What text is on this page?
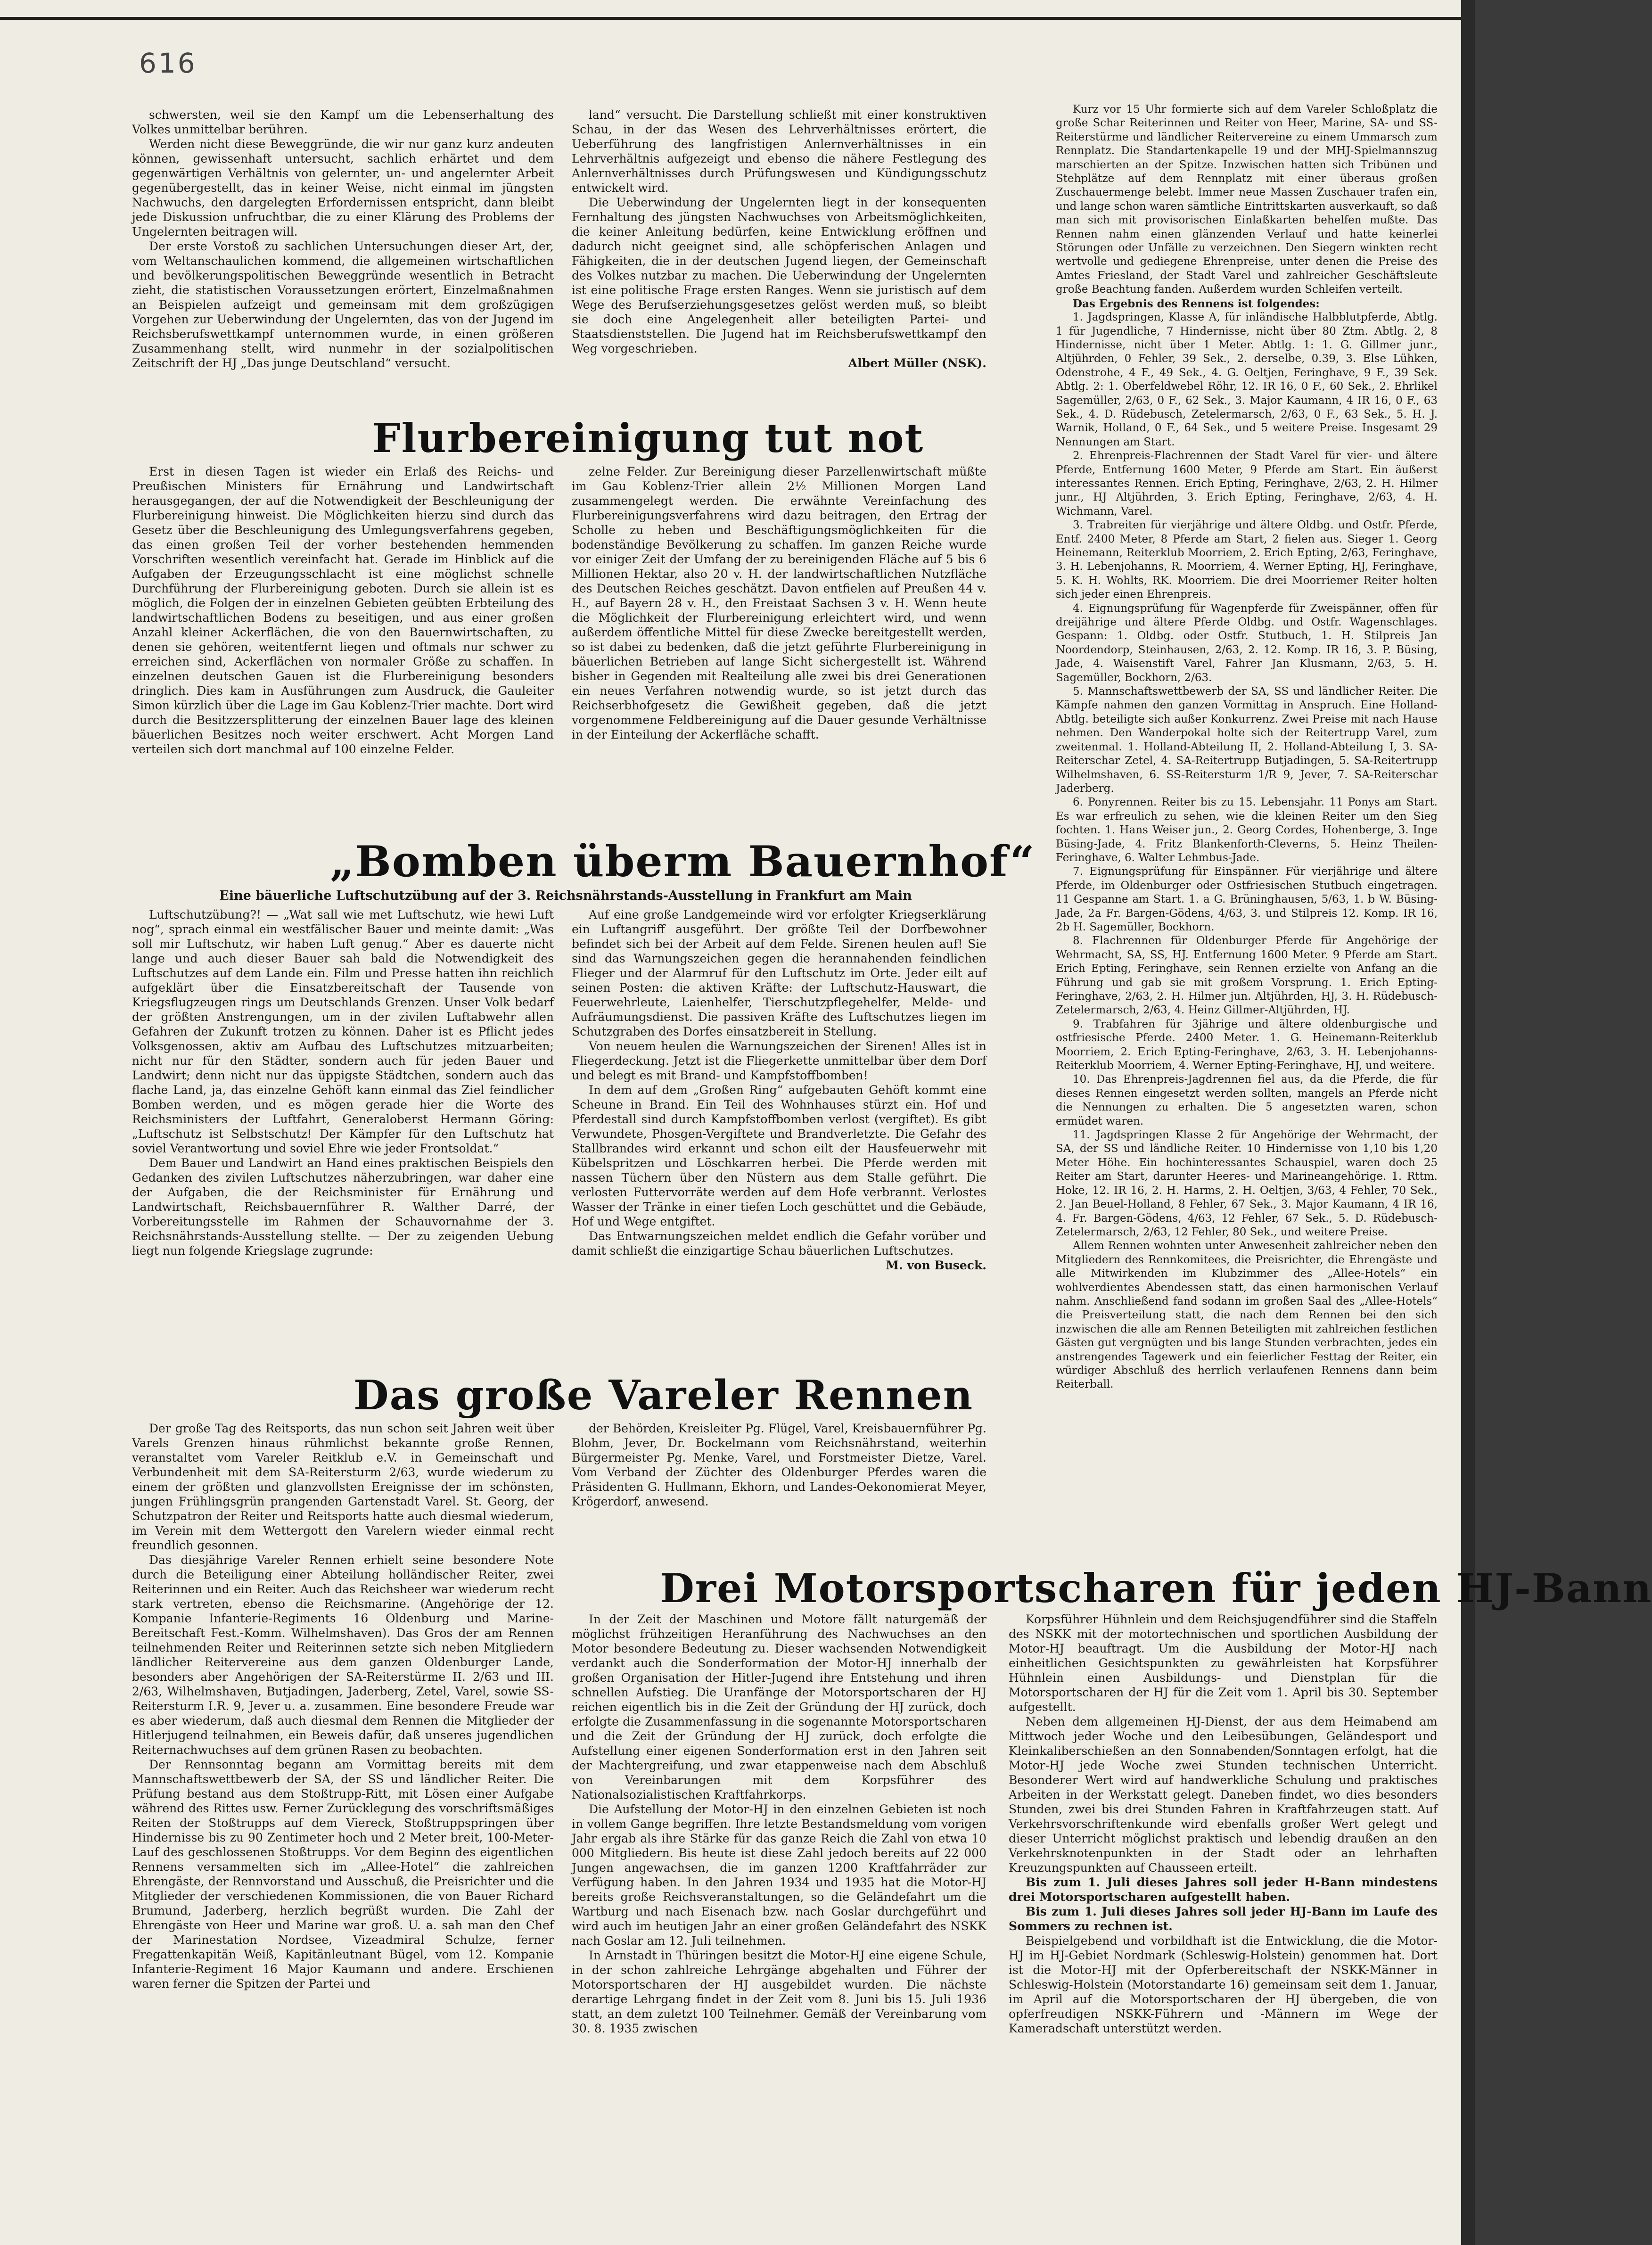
616

schwersten, weil sie den Kampf um die Lebenserhaltung des Volkes unmittelbar berühren.

Werden nicht diese Beweggründe, die wir nur ganz kurz andeuten können, gewissenhaft untersucht, sachlich erhärtet und dem gegenwärtigen Verhältnis von gelernter, un- und angelernter Arbeit gegenübergestellt, das in keiner Weise, nicht einmal im jüngsten Nachwuchs, den dargelegten Erfordernissen entspricht, dann bleibt jede Diskussion unfruchtbar, die zu einer Klärung des Problems der Ungelernten beitragen will.

Der erste Vorstoß zu sachlichen Untersuchungen dieser Art, der, vom Weltanschaulichen kommend, die allgemeinen wirtschaftlichen und bevölkerungspolitischen Beweggründe wesentlich in Betracht zieht, die statistischen Voraussetzungen erörtert, Einzelmaßnahmen an Beispielen aufzeigt und gemeinsam mit dem großzügigen Vorgehen zur Ueberwindung der Ungelernten, das von der Jugend im Reichsberufswettkampf unternommen wurde, in einen größeren Zusammenhang stellt, wird nunmehr in der sozialpolitischen Zeitschrift der HJ „Das junge Deutschland“ versucht.

land“ versucht. Die Darstellung schließt mit einer konstruktiven Schau, in der das Wesen des Lehrverhältnisses erörtert, die Ueberführung des langfristigen Anlernverhältnisses in ein Lehrverhältnis aufgezeigt und ebenso die nähere Festlegung des Anlernverhältnisses durch Prüfungswesen und Kündigungsschutz entwickelt wird.

Die Ueberwindung der Ungelernten liegt in der konsequenten Fernhaltung des jüngsten Nachwuchses von Arbeitsmöglichkeiten, die keiner Anleitung bedürfen, keine Entwicklung eröffnen und dadurch nicht geeignet sind, alle schöpferischen Anlagen und Fähigkeiten, die in der deutschen Jugend liegen, der Gemeinschaft des Volkes nutzbar zu machen. Die Ueberwindung der Ungelernten ist eine politische Frage ersten Ranges. Wenn sie juristisch auf dem Wege des Berufserziehungsgesetzes gelöst werden muß, so bleibt sie doch eine Angelegenheit aller beteiligten Partei- und Staatsdienststellen. Die Jugend hat im Reichsberufswettkampf den Weg vorgeschrieben.

Albert Müller (NSK).

Kurz vor 15 Uhr formierte sich auf dem Vareler Schloßplatz die große Schar Reiterinnen und Reiter von Heer, Marine, SA- und SS-Reiterstürme und ländlicher Reitervereine zu einem Ummarsch zum Rennplatz. Die Standartenkapelle 19 und der MHJ-Spielmannszug marschierten an der Spitze. Inzwischen hatten sich Tribünen und Stehplätze auf dem Rennplatz mit einer überaus großen Zuschauermenge belebt. Immer neue Massen Zuschauer trafen ein, und lange schon waren sämtliche Eintrittskarten ausverkauft, so daß man sich mit provisorischen Einlaßkarten behelfen mußte. Das Rennen nahm einen glänzenden Verlauf und hatte keinerlei Störungen oder Unfälle zu verzeichnen. Den Siegern winkten recht wertvolle und gediegene Ehrenpreise, unter denen die Preise des Amtes Friesland, der Stadt Varel und zahlreicher Geschäftsleute große Beachtung fanden. Außerdem wurden Schleifen verteilt.

Das Ergebnis des Rennens ist folgendes:

1. Jagdspringen, Klasse A, für inländische Halbblutpferde, Abtlg. 1 für Jugendliche, 7 Hindernisse, nicht über 80 Ztm. Abtlg. 2, 8 Hindernisse, nicht über 1 Meter. Abtlg. 1: 1. G. Gillmer junr., Altjührden, 0 Fehler, 39 Sek., 2. derselbe, 0.39, 3. Else Lühken, Odenstrohe, 4 F., 49 Sek., 4. G. Oeltjen, Feringhave, 9 F., 39 Sek. Abtlg. 2: 1. Oberfeldwebel Röhr, 12. IR 16, 0 F., 60 Sek., 2. Ehrlikel Sagemüller, 2/63, 0 F., 62 Sek., 3. Major Kaumann, 4 IR 16, 0 F., 63 Sek., 4. D. Rüdebusch, Zetelermarsch, 2/63, 0 F., 63 Sek., 5. H. J. Warnik, Holland, 0 F., 64 Sek., und 5 weitere Preise. Insgesamt 29 Nennungen am Start.

2. Ehrenpreis-Flachrennen der Stadt Varel für vier- und ältere Pferde, Entfernung 1600 Meter, 9 Pferde am Start. Ein äußerst interessantes Rennen. Erich Epting, Feringhave, 2/63, 2. H. Hilmer junr., HJ Altjührden, 3. Erich Epting, Feringhave, 2/63, 4. H. Wichmann, Varel.

3. Trabreiten für vierjährige und ältere Oldbg. und Ostfr. Pferde, Entf. 2400 Meter, 8 Pferde am Start, 2 fielen aus. Sieger 1. Georg Heinemann, Reiterklub Moorriem, 2. Erich Epting, 2/63, Feringhave, 3. H. Lebenjohanns, R. Moorriem, 4. Werner Epting, HJ, Feringhave, 5. K. H. Wohlts, RK. Moorriem. Die drei Moorriemer Reiter holten sich jeder einen Ehrenpreis.

4. Eignungsprüfung für Wagenpferde für Zweispänner, offen für dreijährige und ältere Pferde Oldbg. und Ostfr. Wagenschlages. Gespann: 1. Oldbg. oder Ostfr. Stutbuch, 1. H. Stilpreis Jan Noordendorp, Steinhausen, 2/63, 2. 12. Komp. IR 16, 3. P. Büsing, Jade, 4. Waisenstift Varel, Fahrer Jan Klusmann, 2/63, 5. H. Sagemüller, Bockhorn, 2/63.

5. Mannschaftswettbewerb der SA, SS und ländlicher Reiter. Die Kämpfe nahmen den ganzen Vormittag in Anspruch. Eine Holland-Abtlg. beteiligte sich außer Konkurrenz. Zwei Preise mit nach Hause nehmen. Den Wanderpokal holte sich der Reitertrupp Varel, zum zweitenmal. 1. Holland-Abteilung II, 2. Holland-Abteilung I, 3. SA-Reiterschar Zetel, 4. SA-Reitertrupp Butjadingen, 5. SA-Reitertrupp Wilhelmshaven, 6. SS-Reitersturm 1/R 9, Jever, 7. SA-Reiterschar Jaderberg.

6. Ponyrennen. Reiter bis zu 15. Lebensjahr. 11 Ponys am Start. Es war erfreulich zu sehen, wie die kleinen Reiter um den Sieg fochten. 1. Hans Weiser jun., 2. Georg Cordes, Hohenberge, 3. Inge Büsing-Jade, 4. Fritz Blankenforth-Cleverns, 5. Heinz Theilen-Feringhave, 6. Walter Lehmbus-Jade.

7. Eignungsprüfung für Einspänner. Für vierjährige und ältere Pferde, im Oldenburger oder Ostfriesischen Stutbuch eingetragen. 11 Gespanne am Start. 1. a G. Brüninghausen, 5/63, 1. b W. Büsing-Jade, 2a Fr. Bargen-Gödens, 4/63, 3. und Stilpreis 12. Komp. IR 16, 2b H. Sagemüller, Bockhorn.

8. Flachrennen für Oldenburger Pferde für Angehörige der Wehrmacht, SA, SS, HJ. Entfernung 1600 Meter. 9 Pferde am Start. Erich Epting, Feringhave, sein Rennen erzielte von Anfang an die Führung und gab sie mit großem Vorsprung. 1. Erich Epting-Feringhave, 2/63, 2. H. Hilmer jun. Altjührden, HJ, 3. H. Rüdebusch-Zetelermarsch, 2/63, 4. Heinz Gillmer-Altjührden, HJ.

9. Trabfahren für 3jährige und ältere oldenburgische und ostfriesische Pferde. 2400 Meter. 1. G. Heinemann-Reiterklub Moorriem, 2. Erich Epting-Feringhave, 2/63, 3. H. Lebenjohanns-Reiterklub Moorriem, 4. Werner Epting-Feringhave, HJ, und weitere.

10. Das Ehrenpreis-Jagdrennen fiel aus, da die Pferde, die für dieses Rennen eingesetzt werden sollten, mangels an Pferde nicht die Nennungen zu erhalten. Die 5 angesetzten waren, schon ermüdet waren.

11. Jagdspringen Klasse 2 für Angehörige der Wehrmacht, der SA, der SS und ländliche Reiter. 10 Hindernisse von 1,10 bis 1,20 Meter Höhe. Ein hochinteressantes Schauspiel, waren doch 25 Reiter am Start, darunter Heeres- und Marineangehörige. 1. Rttm. Hoke, 12. IR 16, 2. H. Harms, 2. H. Oeltjen, 3/63, 4 Fehler, 70 Sek., 2. Jan Beuel-Holland, 8 Fehler, 67 Sek., 3. Major Kaumann, 4 IR 16, 4. Fr. Bargen-Gödens, 4/63, 12 Fehler, 67 Sek., 5. D. Rüdebusch-Zetelermarsch, 2/63, 12 Fehler, 80 Sek., und weitere Preise.

Allem Rennen wohnten unter Anwesenheit zahlreicher neben den Mitgliedern des Rennkomitees, die Preisrichter, die Ehrengäste und alle Mitwirkenden im Klubzimmer des „Allee-Hotels“ ein wohlverdientes Abendessen statt, das einen harmonischen Verlauf nahm. Anschließend fand sodann im großen Saal des „Allee-Hotels“ die Preisverteilung statt, die nach dem Rennen bei den sich inzwischen die alle am Rennen Beteiligten mit zahlreichen festlichen Gästen gut vergnügten und bis lange Stunden verbrachten, jedes ein anstrengendes Tagewerk und ein feierlicher Festtag der Reiter, ein würdiger Abschluß des herrlich verlaufenen Rennens dann beim Reiterball.

Flurbereinigung tut not

Erst in diesen Tagen ist wieder ein Erlaß des Reichs- und Preußischen Ministers für Ernährung und Landwirtschaft herausgegangen, der auf die Notwendigkeit der Beschleunigung der Flurbereinigung hinweist. Die Möglichkeiten hierzu sind durch das Gesetz über die Beschleunigung des Umlegungsverfahrens gegeben, das einen großen Teil der vorher bestehenden hemmenden Vorschriften wesentlich vereinfacht hat. Gerade im Hinblick auf die Aufgaben der Erzeugungsschlacht ist eine möglichst schnelle Durchführung der Flurbereinigung geboten. Durch sie allein ist es möglich, die Folgen der in einzelnen Gebieten geübten Erbteilung des landwirtschaftlichen Bodens zu beseitigen, und aus einer großen Anzahl kleiner Ackerflächen, die von den Bauernwirtschaften, zu denen sie gehören, weitentfernt liegen und oftmals nur schwer zu erreichen sind, Ackerflächen von normaler Größe zu schaffen. In einzelnen deutschen Gauen ist die Flurbereinigung besonders dringlich. Dies kam in Ausführungen zum Ausdruck, die Gauleiter Simon kürzlich über die Lage im Gau Koblenz-Trier machte. Dort wird durch die Besitzzersplitterung der einzelnen Bauer lage des kleinen bäuerlichen Besitzes noch weiter erschwert. Acht Morgen Land verteilen sich dort manchmal auf 100 einzelne Felder.

zelne Felder. Zur Bereinigung dieser Parzellenwirtschaft müßte im Gau Koblenz-Trier allein 2½ Millionen Morgen Land zusammengelegt werden. Die erwähnte Vereinfachung des Flurbereinigungsverfahrens wird dazu beitragen, den Ertrag der Scholle zu heben und Beschäftigungsmöglichkeiten für die bodenständige Bevölkerung zu schaffen. Im ganzen Reiche wurde vor einiger Zeit der Umfang der zu bereinigenden Fläche auf 5 bis 6 Millionen Hektar, also 20 v. H. der landwirtschaftlichen Nutzfläche des Deutschen Reiches geschätzt. Davon entfielen auf Preußen 44 v. H., auf Bayern 28 v. H., den Freistaat Sachsen 3 v. H. Wenn heute die Möglichkeit der Flurbereinigung erleichtert wird, und wenn außerdem öffentliche Mittel für diese Zwecke bereitgestellt werden, so ist dabei zu bedenken, daß die jetzt geführte Flurbereinigung in bäuerlichen Betrieben auf lange Sicht sichergestellt ist. Während bisher in Gegenden mit Realteilung alle zwei bis drei Generationen ein neues Verfahren notwendig wurde, so ist jetzt durch das Reichserbhofgesetz die Gewißheit gegeben, daß die jetzt vorgenommene Feldbereinigung auf die Dauer gesunde Verhältnisse in der Einteilung der Ackerfläche schafft.

„Bomben überm Bauernhof“
Eine bäuerliche Luftschutzübung auf der 3. Reichsnährstands-Ausstellung in Frankfurt am Main

Luftschutzübung?! — „Wat sall wie met Luftschutz, wie hewi Luft nog“, sprach einmal ein westfälischer Bauer und meinte damit: „Was soll mir Luftschutz, wir haben Luft genug.“ Aber es dauerte nicht lange und auch dieser Bauer sah bald die Notwendigkeit des Luftschutzes auf dem Lande ein. Film und Presse hatten ihn reichlich aufgeklärt über die Einsatzbereitschaft der Tausende von Kriegsflugzeugen rings um Deutschlands Grenzen. Unser Volk bedarf der größten Anstrengungen, um in der zivilen Luftabwehr allen Gefahren der Zukunft trotzen zu können. Daher ist es Pflicht jedes Volksgenossen, aktiv am Aufbau des Luftschutzes mitzuarbeiten; nicht nur für den Städter, sondern auch für jeden Bauer und Landwirt; denn nicht nur das üppigste Städtchen, sondern auch das flache Land, ja, das einzelne Gehöft kann einmal das Ziel feindlicher Bomben werden, und es mögen gerade hier die Worte des Reichsministers der Luftfahrt, Generaloberst Hermann Göring: „Luftschutz ist Selbstschutz! Der Kämpfer für den Luftschutz hat soviel Verantwortung und soviel Ehre wie jeder Frontsoldat.“

Dem Bauer und Landwirt an Hand eines praktischen Beispiels den Gedanken des zivilen Luftschutzes näherzubringen, war daher eine der Aufgaben, die der Reichsminister für Ernährung und Landwirtschaft, Reichsbauernführer R. Walther Darré, der Vorbereitungsstelle im Rahmen der Schauvornahme der 3. Reichsnährstands-Ausstellung stellte. — Der zu zeigenden Uebung liegt nun folgende Kriegslage zugrunde:

Auf eine große Landgemeinde wird vor erfolgter Kriegserklärung ein Luftangriff ausgeführt. Der größte Teil der Dorfbewohner befindet sich bei der Arbeit auf dem Felde. Sirenen heulen auf! Sie sind das Warnungszeichen gegen die herannahenden feindlichen Flieger und der Alarmruf für den Luftschutz im Orte. Jeder eilt auf seinen Posten: die aktiven Kräfte: der Luftschutz-Hauswart, die Feuerwehrleute, Laienhelfer, Tierschutzpflegehelfer, Melde- und Aufräumungsdienst. Die passiven Kräfte des Luftschutzes liegen im Schutzgraben des Dorfes einsatzbereit in Stellung.

Von neuem heulen die Warnungszeichen der Sirenen! Alles ist in Fliegerdeckung. Jetzt ist die Fliegerkette unmittelbar über dem Dorf und belegt es mit Brand- und Kampfstoffbomben!

In dem auf dem „Großen Ring“ aufgebauten Gehöft kommt eine Scheune in Brand. Ein Teil des Wohnhauses stürzt ein. Hof und Pferdestall sind durch Kampfstoffbomben verlost (vergiftet). Es gibt Verwundete, Phosgen-Vergiftete und Brandverletzte. Die Gefahr des Stallbrandes wird erkannt und schon eilt der Hausfeuerwehr mit Kübelspritzen und Löschkarren herbei. Die Pferde werden mit nassen Tüchern über den Nüstern aus dem Stalle geführt. Die verlosten Futtervorräte werden auf dem Hofe verbrannt. Verlostes Wasser der Tränke in einer tiefen Loch geschüttet und die Gebäude, Hof und Wege entgiftet.

Das Entwarnungszeichen meldet endlich die Gefahr vorüber und damit schließt die einzigartige Schau bäuerlichen Luftschutzes.

M. von Buseck.

Das große Vareler Rennen

Der große Tag des Reitsports, das nun schon seit Jahren weit über Varels Grenzen hinaus rühmlichst bekannte große Rennen, veranstaltet vom Vareler Reitklub e.V. in Gemeinschaft und Verbundenheit mit dem SA-Reitersturm 2/63, wurde wiederum zu einem der größten und glanzvollsten Ereignisse der im schönsten, jungen Frühlingsgrün prangenden Gartenstadt Varel. St. Georg, der Schutzpatron der Reiter und Reitsports hatte auch diesmal wiederum, im Verein mit dem Wettergott den Varelern wieder einmal recht freundlich gesonnen.

Das diesjährige Vareler Rennen erhielt seine besondere Note durch die Beteiligung einer Abteilung holländischer Reiter, zwei Reiterinnen und ein Reiter. Auch das Reichsheer war wiederum recht stark vertreten, ebenso die Reichsmarine. (Angehörige der 12. Kompanie Infanterie-Regiments 16 Oldenburg und Marine-Bereitschaft Fest.-Komm. Wilhelmshaven). Das Gros der am Rennen teilnehmenden Reiter und Reiterinnen setzte sich neben Mitgliedern ländlicher Reitervereine aus dem ganzen Oldenburger Lande, besonders aber Angehörigen der SA-Reiterstürme II. 2/63 und III. 2/63, Wilhelmshaven, Butjadingen, Jaderberg, Zetel, Varel, sowie SS-Reitersturm I.R. 9, Jever u. a. zusammen. Eine besondere Freude war es aber wiederum, daß auch diesmal dem Rennen die Mitglieder der Hitlerjugend teilnahmen, ein Beweis dafür, daß unseres jugendlichen Reiternachwuchses auf dem grünen Rasen zu beobachten.

Der Rennsonntag begann am Vormittag bereits mit dem Mannschaftswettbewerb der SA, der SS und ländlicher Reiter. Die Prüfung bestand aus dem Stoßtrupp-Ritt, mit Lösen einer Aufgabe während des Rittes usw. Ferner Zurücklegung des vorschriftsmäßiges Reiten der Stoßtrupps auf dem Viereck, Stoßtruppspringen über Hindernisse bis zu 90 Zentimeter hoch und 2 Meter breit, 100-Meter-Lauf des geschlossenen Stoßtrupps. Vor dem Beginn des eigentlichen Rennens versammelten sich im „Allee-Hotel“ die zahlreichen Ehrengäste, der Rennvorstand und Ausschuß, die Preisrichter und die Mitglieder der verschiedenen Kommissionen, die von Bauer Richard Brumund, Jaderberg, herzlich begrüßt wurden. Die Zahl der Ehrengäste von Heer und Marine war groß. U. a. sah man den Chef der Marinestation Nordsee, Vizeadmiral Schulze, ferner Fregattenkapitän Weiß, Kapitänleutnant Bügel, vom 12. Kompanie Infanterie-Regiment 16 Major Kaumann und andere. Erschienen waren ferner die Spitzen der Partei und

der Behörden, Kreisleiter Pg. Flügel, Varel, Kreisbauernführer Pg. Blohm, Jever, Dr. Bockelmann vom Reichsnährstand, weiterhin Bürgermeister Pg. Menke, Varel, und Forstmeister Dietze, Varel. Vom Verband der Züchter des Oldenburger Pferdes waren die Präsidenten G. Hullmann, Ekhorn, und Landes-Oekonomierat Meyer, Krögerdorf, anwesend.

Drei Motorsportscharen für jeden HJ-Bann

In der Zeit der Maschinen und Motore fällt naturgemäß der möglichst frühzeitigen Heranführung des Nachwuchses an den Motor besondere Bedeutung zu. Dieser wachsenden Notwendigkeit verdankt auch die Sonderformation der Motor-HJ innerhalb der großen Organisation der Hitler-Jugend ihre Entstehung und ihren schnellen Aufstieg. Die Uranfänge der Motorsportscharen der HJ reichen eigentlich bis in die Zeit der Gründung der HJ zurück, doch erfolgte die Zusammenfassung in die sogenannte Motorsportscharen und die Zeit der Gründung der HJ zurück, doch erfolgte die Aufstellung einer eigenen Sonderformation erst in den Jahren seit der Machtergreifung, und zwar etappenweise nach dem Abschluß von Vereinbarungen mit dem Korpsführer des Nationalsozialistischen Kraftfahrkorps.

Die Aufstellung der Motor-HJ in den einzelnen Gebieten ist noch in vollem Gange begriffen. Ihre letzte Bestandsmeldung vom vorigen Jahr ergab als ihre Stärke für das ganze Reich die Zahl von etwa 10 000 Mitgliedern. Bis heute ist diese Zahl jedoch bereits auf 22 000 Jungen angewachsen, die im ganzen 1200 Kraftfahrräder zur Verfügung haben. In den Jahren 1934 und 1935 hat die Motor-HJ bereits große Reichsveranstaltungen, so die Geländefahrt um die Wartburg und nach Eisenach bzw. nach Goslar durchgeführt und wird auch im heutigen Jahr an einer großen Geländefahrt des NSKK nach Goslar am 12. Juli teilnehmen.

In Arnstadt in Thüringen besitzt die Motor-HJ eine eigene Schule, in der schon zahlreiche Lehrgänge abgehalten und Führer der Motorsportscharen der HJ ausgebildet wurden. Die nächste derartige Lehrgang findet in der Zeit vom 8. Juni bis 15. Juli 1936 statt, an dem zuletzt 100 Teilnehmer. Gemäß der Vereinbarung vom 30. 8. 1935 zwischen

Korpsführer Hühnlein und dem Reichsjugendführer sind die Staffeln des NSKK mit der motortechnischen und sportlichen Ausbildung der Motor-HJ beauftragt. Um die Ausbildung der Motor-HJ nach einheitlichen Gesichtspunkten zu gewährleisten hat Korpsführer Hühnlein einen Ausbildungs- und Dienstplan für die Motorsportscharen der HJ für die Zeit vom 1. April bis 30. September aufgestellt.

Neben dem allgemeinen HJ-Dienst, der aus dem Heimabend am Mittwoch jeder Woche und den Leibesübungen, Geländesport und Kleinkaliberschießen an den Sonnabenden/Sonntagen erfolgt, hat die Motor-HJ jede Woche zwei Stunden technischen Unterricht. Besonderer Wert wird auf handwerkliche Schulung und praktisches Arbeiten in der Werkstatt gelegt. Daneben findet, wo dies besonders Stunden, zwei bis drei Stunden Fahren in Kraftfahrzeugen statt. Auf Verkehrsvorschriftenkunde wird ebenfalls großer Wert gelegt und dieser Unterricht möglichst praktisch und lebendig draußen an den Verkehrsknotenpunkten in der Stadt oder an lehrhaften Kreuzungspunkten auf Chausseen erteilt.

Bis zum 1. Juli dieses Jahres soll jeder H-Bann mindestens drei Motorsportscharen aufgestellt haben.

Bis zum 1. Juli dieses Jahres soll jeder HJ-Bann im Laufe des Sommers zu rechnen ist.

Beispielgebend und vorbildhaft ist die Entwicklung, die die Motor-HJ im HJ-Gebiet Nordmark (Schleswig-Holstein) genommen hat. Dort ist die Motor-HJ mit der Opferbereitschaft der NSKK-Männer in Schleswig-Holstein (Motorstandarte 16) gemeinsam seit dem 1. Januar, im April auf die Motorsportscharen der HJ übergeben, die von opferfreudigen NSKK-Führern und -Männern im Wege der Kameradschaft unterstützt werden.
